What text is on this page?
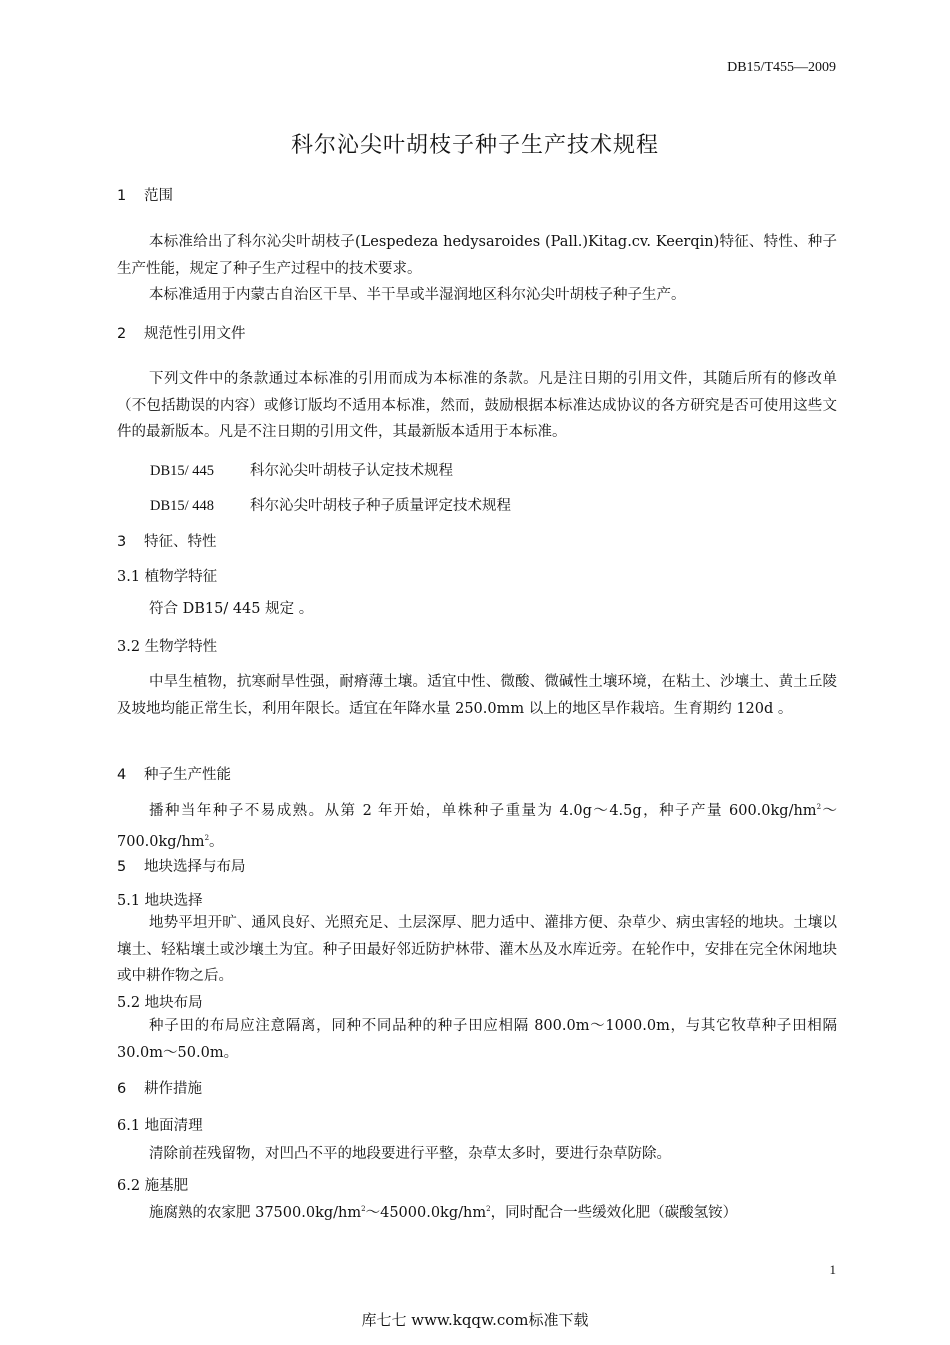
DB15/T455—2009
科尔沁尖叶胡枝子种子生产技术规程
1 范围
本标准给出了科尔沁尖叶胡枝子(Lespedeza hedysaroides (Pall.)Kitag.cv. Keerqin)特征、特性、种子生产性能，规定了种子生产过程中的技术要求。
本标准适用于内蒙古自治区干旱、半干旱或半湿润地区科尔沁尖叶胡枝子种子生产。
2 规范性引用文件
下列文件中的条款通过本标准的引用而成为本标准的条款。凡是注日期的引用文件，其随后所有的修改单（不包括勘误的内容）或修订版均不适用本标准，然而，鼓励根据本标准达成协议的各方研究是否可使用这些文件的最新版本。凡是不注日期的引用文件，其最新版本适用于本标准。
DB15/ 445 科尔沁尖叶胡枝子认定技术规程
DB15/ 448 科尔沁尖叶胡枝子种子质量评定技术规程
3 特征、特性
3.1 植物学特征
符合 DB15/ 445 规定 。
3.2 生物学特性
中旱生植物，抗寒耐旱性强，耐瘠薄土壤。适宜中性、微酸、微碱性土壤环境，在粘土、沙壤土、黄土丘陵及坡地均能正常生长，利用年限长。适宜在年降水量 250.0mm 以上的地区旱作栽培。生育期约 120d 。
4 种子生产性能
播种当年种子不易成熟。从第 2 年开始，单株种子重量为 4.0g～4.5g，种子产量 $600.0kg/hm^2\sim 700.0kg/hm^2$。
5 地块选择与布局
5.1 地块选择
地势平坦开旷、通风良好、光照充足、土层深厚、肥力适中、灌排方便、杂草少、病虫害轻的地块。土壤以壤土、轻粘壤土或沙壤土为宜。种子田最好邻近防护林带、灌木丛及水库近旁。在轮作中，安排在完全休闲地块或中耕作物之后。
5.2 地块布局
种子田的布局应注意隔离，同种不同品种的种子田应相隔 800.0m～1000.0m，与其它牧草种子田相隔 30.0m～50.0m。
6 耕作措施
6.1 地面清理
清除前茬残留物，对凹凸不平的地段要进行平整，杂草太多时，要进行杂草防除。
6.2 施基肥
施腐熟的农家肥 $37500.0kg/hm^2\sim 45000.0kg/hm^2$，同时配合一些缓效化肥（碳酸氢铵）
1
库七七 www.kqqw.com标准下载
